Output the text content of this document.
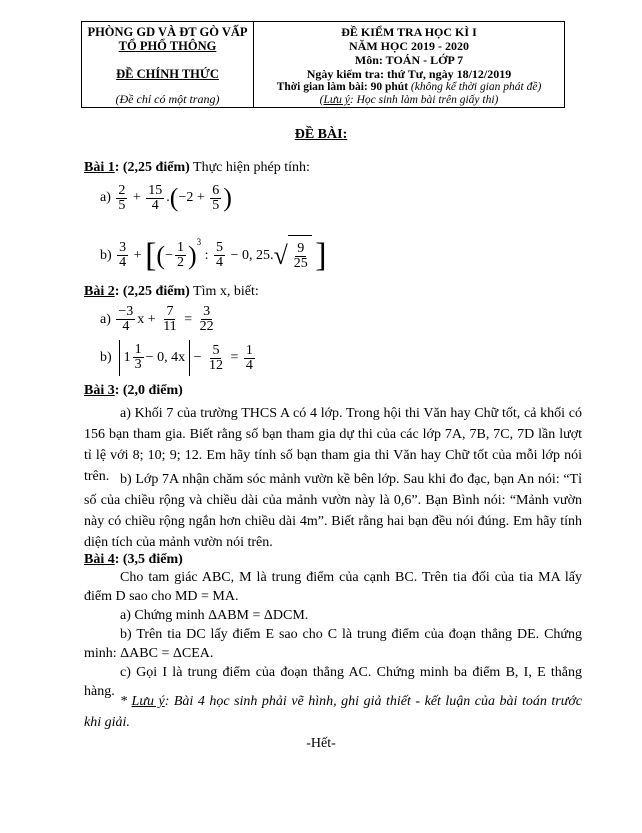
PHÒNG GD VÀ ĐT GÒ VẤP
TỔ PHỔ THÔNG
ĐỀ CHÍNH THỨC
(Đề chỉ có một trang)
ĐỀ KIỂM TRA HỌC KÌ I
NĂM HỌC 2019 - 2020
Môn: TOÁN - LỚP 7
Ngày kiểm tra: thứ Tư, ngày 18/12/2019
Thời gian làm bài: 90 phút (không kể thời gian phát đề)
(Lưu ý: Học sinh làm bài trên giấy thi)
ĐỀ BÀI:
Bài 1: (2,25 điểm) Thực hiện phép tính:
$a) \frac{2}{5} + \frac{15}{4} .(-2 + \frac{6}{5}$ )
$b) \frac{3}{4}$ + [(− $\frac{1}{2} )^3$ : $\frac{5}{4} - 0$, 25. √ $\frac{9}{25}$ ]
Bài 2: (2,25 điểm) Tìm x, biết:
$a) \frac{-3}{4}$ $x + \frac{7}{11} = \frac{3}{22}$
b) $1 \frac{1}{3} - 0$, $4x - \frac{5}{12} = \frac{1}{4}$
Bài 3: (2,0 điểm)
a) Khối 7 của trường THCS A có 4 lớp. Trong hội thi Văn hay Chữ tốt, cả khối có 156 bạn tham gia. Biết rằng số bạn tham gia dự thi của các lớp 7A, 7B, 7C, 7D lần lượt tỉ lệ với 8; 10; 9; 12. Em hãy tính số bạn tham gia thi Văn hay Chữ tốt của mỗi lớp nói trên. b) Lớp 7A nhận chăm sóc mảnh vườn kề bên lớp. Sau khi đo đạc, bạn An nói: “Tỉ số của chiều rộng và chiều dài của mảnh vườn này là 0,6”. Bạn Bình nói: “Mảnh vườn này có chiều rộng ngắn hơn chiều dài 4m”. Biết rằng hai bạn đều nói đúng. Em hãy tính diện tích của mảnh vườn nói trên.
Bài 4: (3,5 điểm)
Cho tam giác ABC, M là trung điểm của cạnh BC. Trên tia đối của tia MA lấy điểm D sao cho MD = MA.
a) Chứng minh ΔABM = ΔDCM.
b) Trên tia DC lấy điểm E sao cho C là trung điểm của đoạn thẳng DE. Chứng minh: ΔABC = ΔCEA.
c) Gọi I là trung điểm của đoạn thẳng AC. Chứng minh ba điểm B, I, E thẳng hàng.
* Lưu ý: Bài 4 học sinh phải vẽ hình, ghi giả thiết - kết luận của bài toán trước khi giải.
-Hết-
